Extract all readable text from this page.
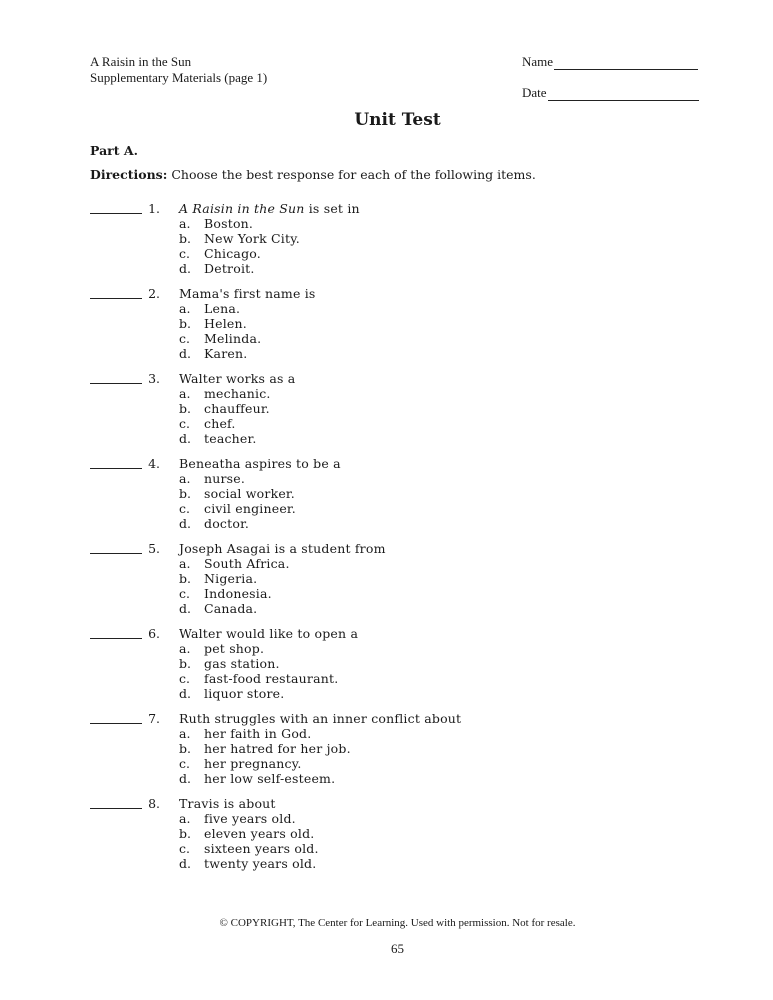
A Raisin in the Sun
Supplementary Materials (page 1)
Name
Date
Unit Test
Part A.
Directions: Choose the best response for each of the following items.
1. A Raisin in the Sun is set in
a. Boston.
b. New York City.
c. Chicago.
d. Detroit.
2. Mama's first name is
a. Lena.
b. Helen.
c. Melinda.
d. Karen.
3. Walter works as a
a. mechanic.
b. chauffeur.
c. chef.
d. teacher.
4. Beneatha aspires to be a
a. nurse.
b. social worker.
c. civil engineer.
d. doctor.
5. Joseph Asagai is a student from
a. South Africa.
b. Nigeria.
c. Indonesia.
d. Canada.
6. Walter would like to open a
a. pet shop.
b. gas station.
c. fast-food restaurant.
d. liquor store.
7. Ruth struggles with an inner conflict about
a. her faith in God.
b. her hatred for her job.
c. her pregnancy.
d. her low self-esteem.
8. Travis is about
a. five years old.
b. eleven years old.
c. sixteen years old.
d. twenty years old.
© COPYRIGHT, The Center for Learning. Used with permission. Not for resale.
65
